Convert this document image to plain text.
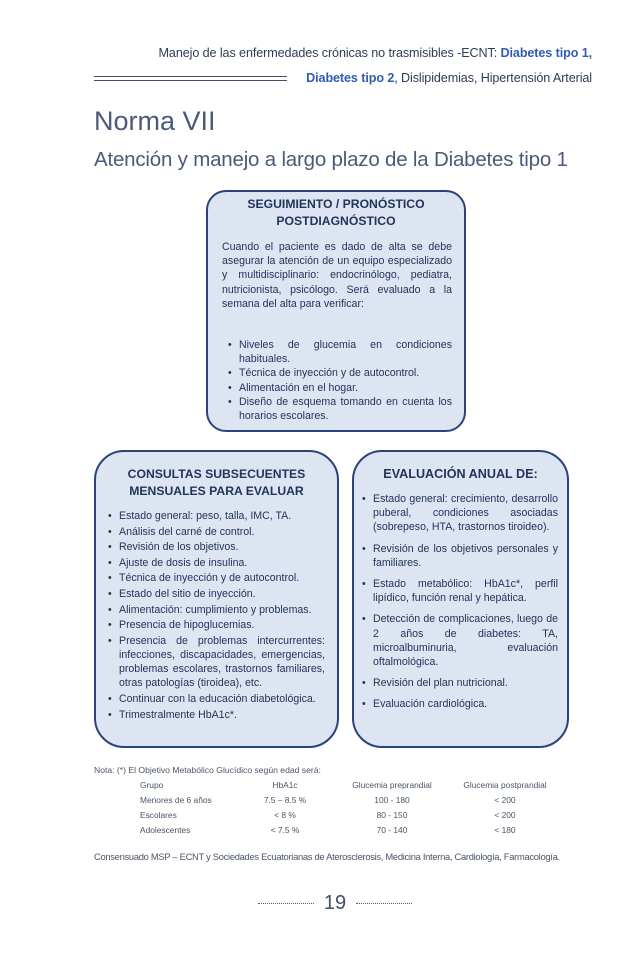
Manejo de las enfermedades crónicas no trasmisibles -ECNT: Diabetes tipo 1,
Diabetes tipo 2, Dislipidemias, Hipertensión Arterial
Norma VII
Atención y manejo a largo plazo de la Diabetes tipo 1
SEGUIMIENTO / PRONÓSTICO POSTDIAGNÓSTICO
Cuando el paciente es dado de alta se debe asegurar la atención de un equipo especializado y multidisciplinario: endocrinólogo, pediatra, nutricionista, psicólogo. Será evaluado a la semana del alta para verificar:
• Niveles de glucemia en condiciones habituales.
• Técnica de inyección y de autocontrol.
• Alimentación en el hogar.
• Diseño de esquema tomando en cuenta los horarios escolares.
CONSULTAS SUBSECUENTES MENSUALES PARA EVALUAR
• Estado general: peso, talla, IMC, TA.
• Análisis del carné de control.
• Revisión de los objetivos.
• Ajuste de dosis de insulina.
• Técnica de inyección y de autocontrol.
• Estado del sitio de inyección.
• Alimentación: cumplimiento y problemas.
• Presencia de hipoglucemias.
• Presencia de problemas intercurrentes: infecciones, discapacidades, emergencias, problemas escolares, trastornos familiares, otras patologías (tiroidea), etc.
• Continuar con la educación diabetológica.
• Trimestralmente HbA1c*.
EVALUACIÓN ANUAL DE:
• Estado general: crecimiento, desarrollo puberal, condiciones asociadas (sobrepeso, HTA, trastornos tiroideo).
• Revisión de los objetivos personales y familiares.
• Estado metabólico: HbA1c*, perfil lipídico, función renal y hepática.
• Detección de complicaciones, luego de 2 años de diabetes: TA, microalbuminuria, evaluación oftalmológica.
• Revisión del plan nutricional.
• Evaluación cardiológica.
Nota: (*) El Objetivo Metabólico Glucídico según edad será:
Grupo	HbA1c	Glucemia preprandial	Glucemia postprandial
Menores de 6 años	7.5 – 8.5 %	100 - 180	< 200
Escolares	< 8 %	80 - 150	< 200
Adolescentes	< 7.5 %	70 - 140	< 180
Consensuado MSP – ECNT y Sociedades Ecuatorianas de Aterosclerosis, Medicina Interna, Cardiología, Farmacología.
19
